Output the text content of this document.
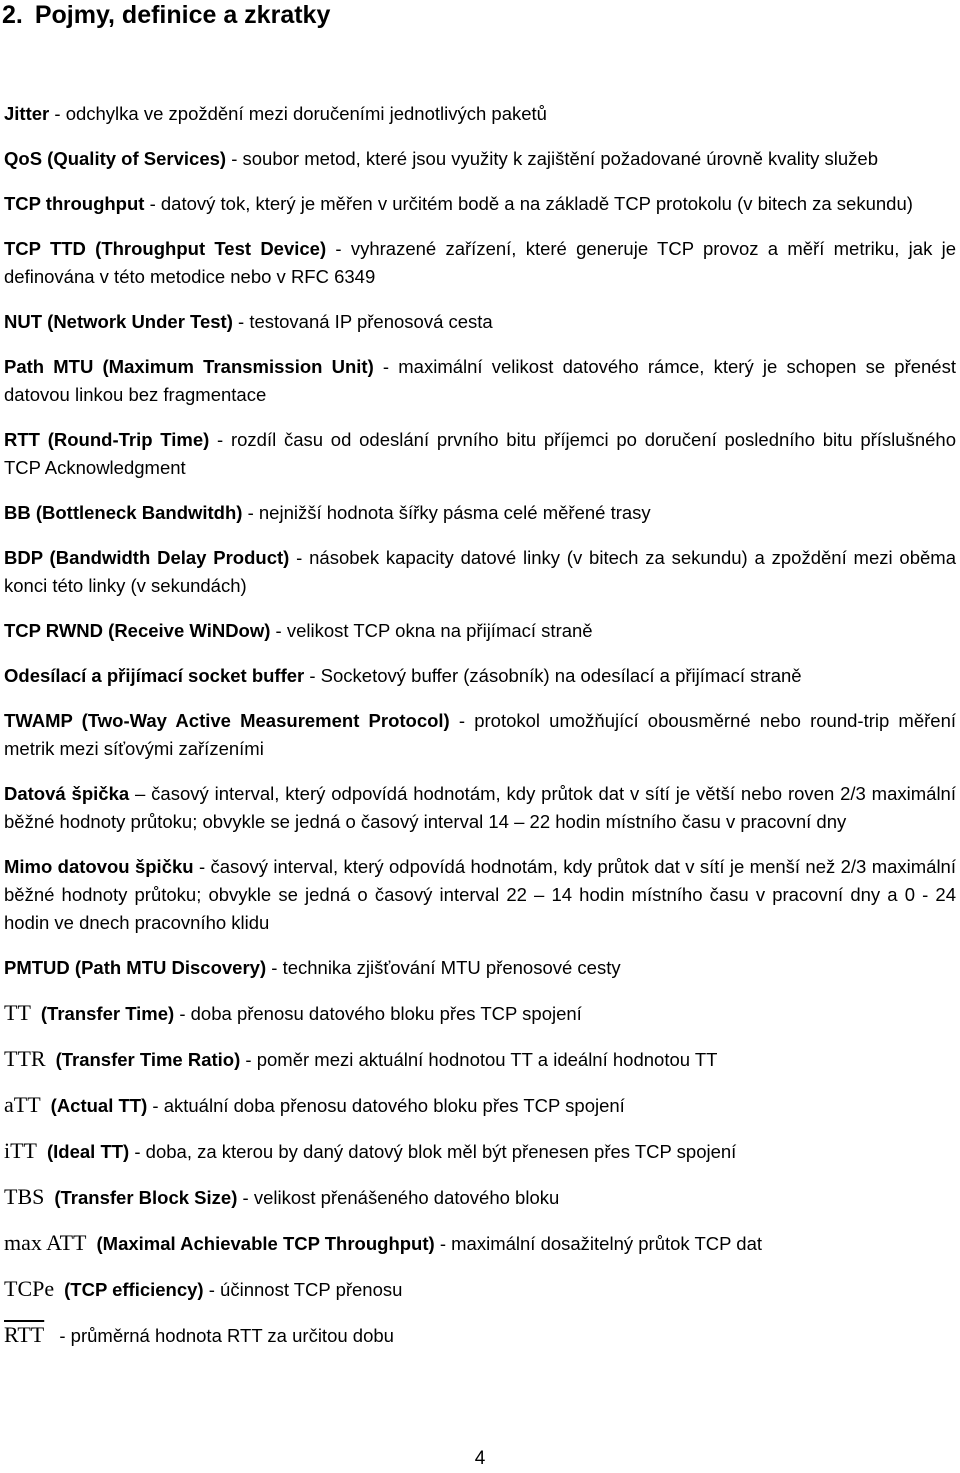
2. Pojmy, definice a zkratky
Jitter - odchylka ve zpoždění mezi doručeními jednotlivých paketů
QoS (Quality of Services) - soubor metod, které jsou využity k zajištění požadované úrovně kvality služeb
TCP throughput - datový tok, který je měřen v určitém bodě a na základě TCP protokolu (v bitech za sekundu)
TCP TTD (Throughput Test Device) - vyhrazené zařízení, které generuje TCP provoz a měří metriku, jak je definována v této metodice nebo v RFC 6349
NUT (Network Under Test) - testovaná IP přenosová cesta
Path MTU (Maximum Transmission Unit) - maximální velikost datového rámce, který je schopen se přenést datovou linkou bez fragmentace
RTT (Round-Trip Time) - rozdíl času od odeslání prvního bitu příjemci po doručení posledního bitu příslušného TCP Acknowledgment
BB (Bottleneck Bandwitdh) - nejnižší hodnota šířky pásma celé měřené trasy
BDP (Bandwidth Delay Product) - násobek kapacity datové linky (v bitech za sekundu) a zpoždění mezi oběma konci této linky (v sekundách)
TCP RWND (Receive WiNDow) - velikost TCP okna na přijímací straně
Odesílací a přijímací socket buffer - Socketový buffer (zásobník) na odesílací a přijímací straně
TWAMP (Two-Way Active Measurement Protocol) - protokol umožňující obousměrné nebo round-trip měření metrik mezi síťovými zařízeními
Datová špička – časový interval, který odpovídá hodnotám, kdy průtok dat v sítí je větší nebo roven 2/3 maximální běžné hodnoty průtoku; obvykle se jedná o časový interval 14 – 22 hodin místního času v pracovní dny
Mimo datovou špičku - časový interval, který odpovídá hodnotám, kdy průtok dat v sítí je menší než 2/3 maximální běžné hodnoty průtoku; obvykle se jedná o časový interval 22 – 14 hodin místního času v pracovní dny a 0 - 24 hodin ve dnech pracovního klidu
PMTUD (Path MTU Discovery) - technika zjišťování MTU přenosové cesty
TT (Transfer Time) - doba přenosu datového bloku přes TCP spojení
TTR (Transfer Time Ratio) - poměr mezi aktuální hodnotou TT a ideální hodnotou TT
aTT (Actual TT) - aktuální doba přenosu datového bloku přes TCP spojení
iTT (Ideal TT) - doba, za kterou by daný datový blok měl být přenesen přes TCP spojení
TBS (Transfer Block Size) - velikost přenášeného datového bloku
max ATT (Maximal Achievable TCP Throughput) - maximální dosažitelný průtok TCP dat
TCPe (TCP efficiency) - účinnost TCP přenosu
$\overline{RTT}$ - průměrná hodnota RTT za určitou dobu
4
